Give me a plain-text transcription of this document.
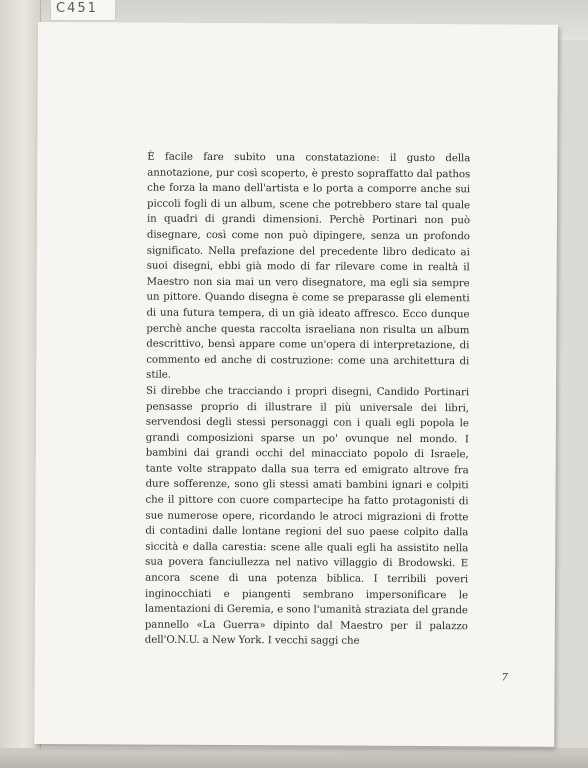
C451

È facile fare subito una constatazione: il gusto della annotazione, pur così scoperto, è presto sopraffatto dal pathos che forza la mano dell'artista e lo porta a comporre anche sui piccoli fogli di un album, scene che potrebbero stare tal quale in quadri di grandi dimensioni. Perchè Portinari non può disegnare, così come non può dipingere, senza un profondo significato. Nella prefazione del precedente libro dedicato ai suoi disegni, ebbi già modo di far rilevare come in realtà il Maestro non sia mai un vero disegnatore, ma egli sia sempre un pittore. Quando disegna è come se preparasse gli elementi di una futura tempera, di un già ideato affresco. Ecco dunque perchè anche questa raccolta israeliana non risulta un album descrittivo, bensì appare come un'opera di interpretazione, di commento ed anche di costruzione: come una architettura di stile.

Si direbbe che tracciando i propri disegni, Candido Portinari pensasse proprio di illustrare il più universale dei libri, servendosi degli stessi personaggi con i quali egli popola le grandi composizioni sparse un po' ovunque nel mondo. I bambini dai grandi occhi del minacciato popolo di Israele, tante volte strappato dalla sua terra ed emigrato altrove fra dure sofferenze, sono gli stessi amati bambini ignari e colpiti che il pittore con cuore compartecipe ha fatto protagonisti di sue numerose opere, ricordando le atroci migrazioni di frotte di contadini dalle lontane regioni del suo paese colpito dalla siccità e dalla carestia: scene alle quali egli ha assistito nella sua povera fanciullezza nel nativo villaggio di Brodowski. E ancora scene di una potenza biblica. I terribili poveri inginocchiati e piangenti sembrano impersonificare le lamentazioni di Geremia, e sono l'umanità straziata del grande pannello «La Guerra» dipinto dal Maestro per il palazzo dell'O.N.U. a New York. I vecchi saggi che

7
